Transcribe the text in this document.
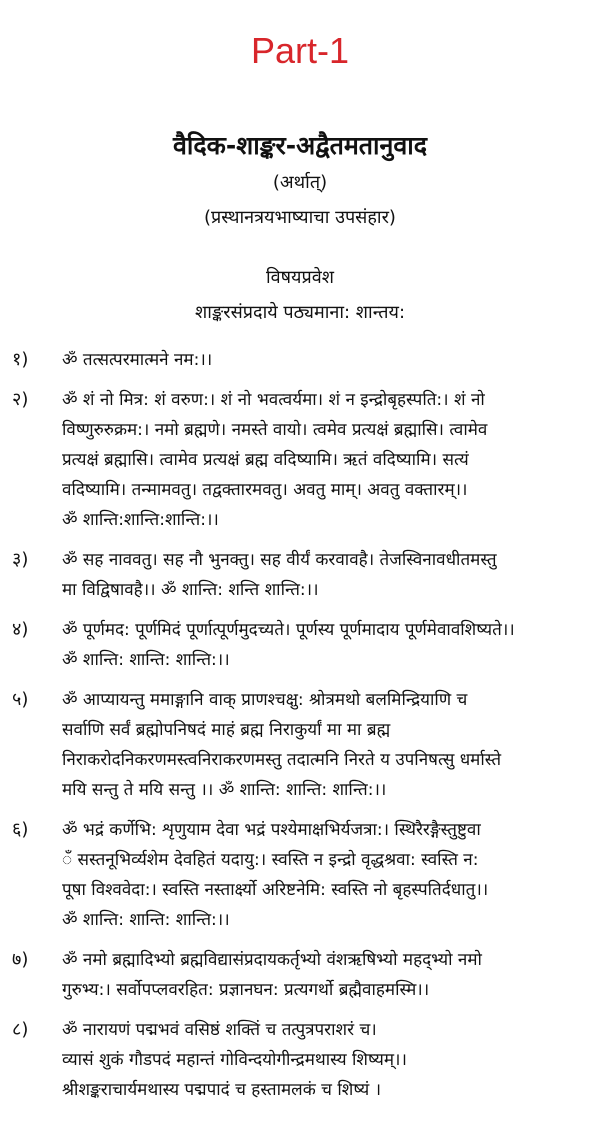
Part-1
वैदिक-शाङ्कर-अद्वैतमतानुवाद
(अर्थात्)
(प्रस्थानत्रयभाष्याचा उपसंहार)
विषयप्रवेश
शाङ्करसंप्रदाये पठ्यमाना: शान्तय:
१)	ॐ तत्सत्परमात्मने नम:।।
२)	ॐ शं नो मित्र: शं वरुण:। शं नो भवत्वर्यमा। शं न इन्द्रोबृहस्पति:। शं नो
विष्णुरुरुक्रम:। नमो ब्रह्मणे। नमस्ते वायो। त्वमेव प्रत्यक्षं ब्रह्मासि। त्वामेव
प्रत्यक्षं ब्रह्मासि। त्वामेव प्रत्यक्षं ब्रह्म वदिष्यामि। ऋतं वदिष्यामि। सत्यं
वदिष्यामि। तन्मामवतु। तद्वक्तारमवतु। अवतु माम्। अवतु वक्तारम्।।
ॐ शान्ति:शान्ति:शान्ति:।।
३)	ॐ सह नाववतु। सह नौ भुनक्तु। सह वीर्यं करवावहै। तेजस्विनावधीतमस्तु
मा विद्विषावहै।। ॐ शान्ति: शन्ति शान्ति:।।
४)	ॐ पूर्णमद: पूर्णमिदं पूर्णात्पूर्णमुदच्यते। पूर्णस्य पूर्णमादाय पूर्णमेवावशिष्यते।।
ॐ शान्ति: शान्ति: शान्ति:।।
५)	ॐ आप्यायन्तु ममाङ्गानि वाक् प्राणश्चक्षु: श्रोत्रमथो बलमिन्द्रियाणि च
सर्वाणि सर्वं ब्रह्मोपनिषदं माहं ब्रह्म निराकुर्यां मा मा ब्रह्म
निराकरोदनिकरणमस्त्वनिराकरणमस्तु तदात्मनि निरते य उपनिषत्सु धर्मास्ते
मयि सन्तु ते मयि सन्तु ।। ॐ शान्ति: शान्ति: शान्ति:।।
६)	ॐ भद्रं कर्णेभि: शृणुयाम देवा भद्रं पश्येमाक्षभिर्यजत्रा:। स्थिरैरङ्गैस्तुष्टुवा
ँ सस्तनूभिर्व्यशेम देवहितं यदायु:। स्वस्ति न इन्द्रो वृद्धश्रवा: स्वस्ति न:
पूषा विश्ववेदा:। स्वस्ति नस्तार्क्ष्यो अरिष्टनेमि: स्वस्ति नो बृहस्पतिर्दधातु।।
ॐ शान्ति: शान्ति: शान्ति:।।
७)	ॐ नमो ब्रह्मादिभ्यो ब्रह्मविद्यासंप्रदायकर्तृभ्यो वंशऋषिभ्यो महद्भ्यो नमो
गुरुभ्य:। सर्वोपप्लवरहित: प्रज्ञानघन: प्रत्यगर्थो ब्रह्मैवाहमस्मि।।
८)	ॐ नारायणं पद्मभवं वसिष्ठं शक्तिं च तत्पुत्रपराशरं च।
व्यासं शुकं गौडपदं महान्तं गोविन्दयोगीन्द्रमथास्य शिष्यम्।।
श्रीशङ्कराचार्यमथास्य पद्मपादं च हस्तामलकं च शिष्यं ।
